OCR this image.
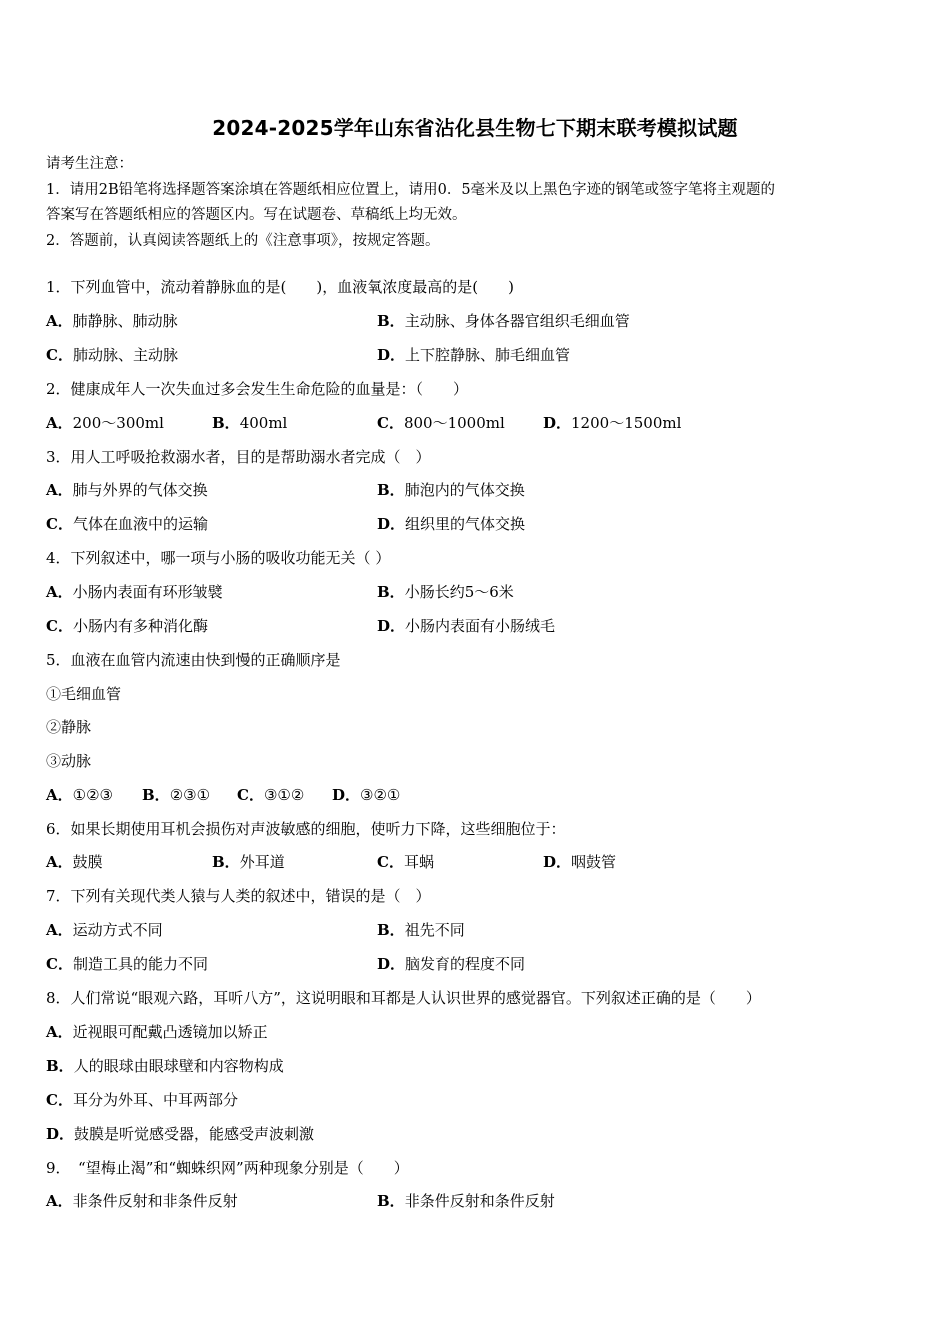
2024-2025学年山东省沾化县生物七下期末联考模拟试题
请考生注意：
1．请用2B铅笔将选择题答案涂填在答题纸相应位置上，请用0．5毫米及以上黑色字迹的钢笔或签字笔将主观题的
答案写在答题纸相应的答题区内。写在试题卷、草稿纸上均无效。
2．答题前，认真阅读答题纸上的《注意事项》，按规定答题。
1．下列血管中，流动着静脉血的是(　　)，血液氧浓度最高的是(　　)
A．肺静脉、肺动脉	B．主动脉、身体各器官组织毛细血管
C．肺动脉、主动脉	D．上下腔静脉、肺毛细血管
2．健康成年人一次失血过多会发生生命危险的血量是：（　　）
A．200～300ml	B．400ml	C．800～1000ml	D．1200～1500ml
3．用人工呼吸抢救溺水者，目的是帮助溺水者完成（　）
A．肺与外界的气体交换	B．肺泡内的气体交换
C．气体在血液中的运输	D．组织里的气体交换
4．下列叙述中，哪一项与小肠的吸收功能无关（ ）
A．小肠内表面有环形皱襞	B．小肠长约5～6米
C．小肠内有多种消化酶	D．小肠内表面有小肠绒毛
5．血液在血管内流速由快到慢的正确顺序是
①毛细血管
②静脉
③动脉
A．①②③ B．②③① C．③①② D．③②①
6．如果长期使用耳机会损伤对声波敏感的细胞，使听力下降，这些细胞位于：
A．鼓膜	B．外耳道	C．耳蜗	D．咽鼓管
7．下列有关现代类人猿与人类的叙述中，错误的是（　）
A．运动方式不同	B．祖先不同
C．制造工具的能力不同	D．脑发育的程度不同
8．人们常说“眼观六路，耳听八方”，这说明眼和耳都是人认识世界的感觉器官。下列叙述正确的是（　　）
A．近视眼可配戴凸透镜加以矫正
B．人的眼球由眼球壁和内容物构成
C．耳分为外耳、中耳两部分
D．鼓膜是听觉感受器，能感受声波刺激
9．　“望梅止渴”和“蜘蛛织网”两种现象分别是（　　）
A．非条件反射和非条件反射	B．非条件反射和条件反射
